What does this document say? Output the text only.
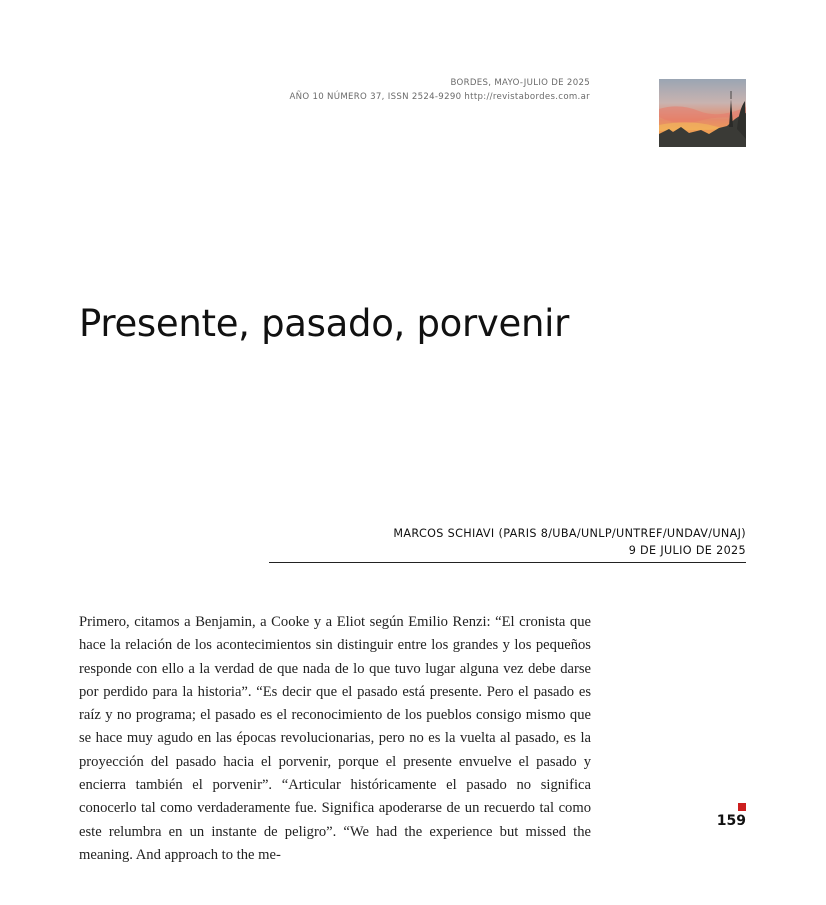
BORDES, MAYO-JULIO DE 2025
AÑO 10 NÚMERO 37, ISSN 2524-9290 http://revistabordes.com.ar
Presente, pasado, porvenir
MARCOS SCHIAVI (PARIS 8/UBA/UNLP/UNTREF/UNDAV/UNAJ)
9 DE JULIO DE 2025

Primero, citamos a Benjamin, a Cooke y a Eliot según Emilio Renzi: “El cronista que hace la relación de los acontecimientos sin distinguir entre los grandes y los pequeños responde con ello a la verdad de que nada de lo que tuvo lugar alguna vez debe darse por perdido para la historia”. “Es decir que el pasado está presente. Pero el pasado es raíz y no programa; el pasado es el reconocimiento de los pueblos consigo mismo que se hace muy agudo en las épocas revolucionarias, pero no es la vuelta al pasado, es la proyección del pasado hacia el porvenir, porque el presente envuelve el pasado y encierra también el porvenir”. “Articular históricamente el pasado no significa conocerlo tal como verdaderamente fue. Significa apoderarse de un recuerdo tal como este relumbra en un instante de peligro”. “We had the experience but missed the meaning. And approach to the me-

159
